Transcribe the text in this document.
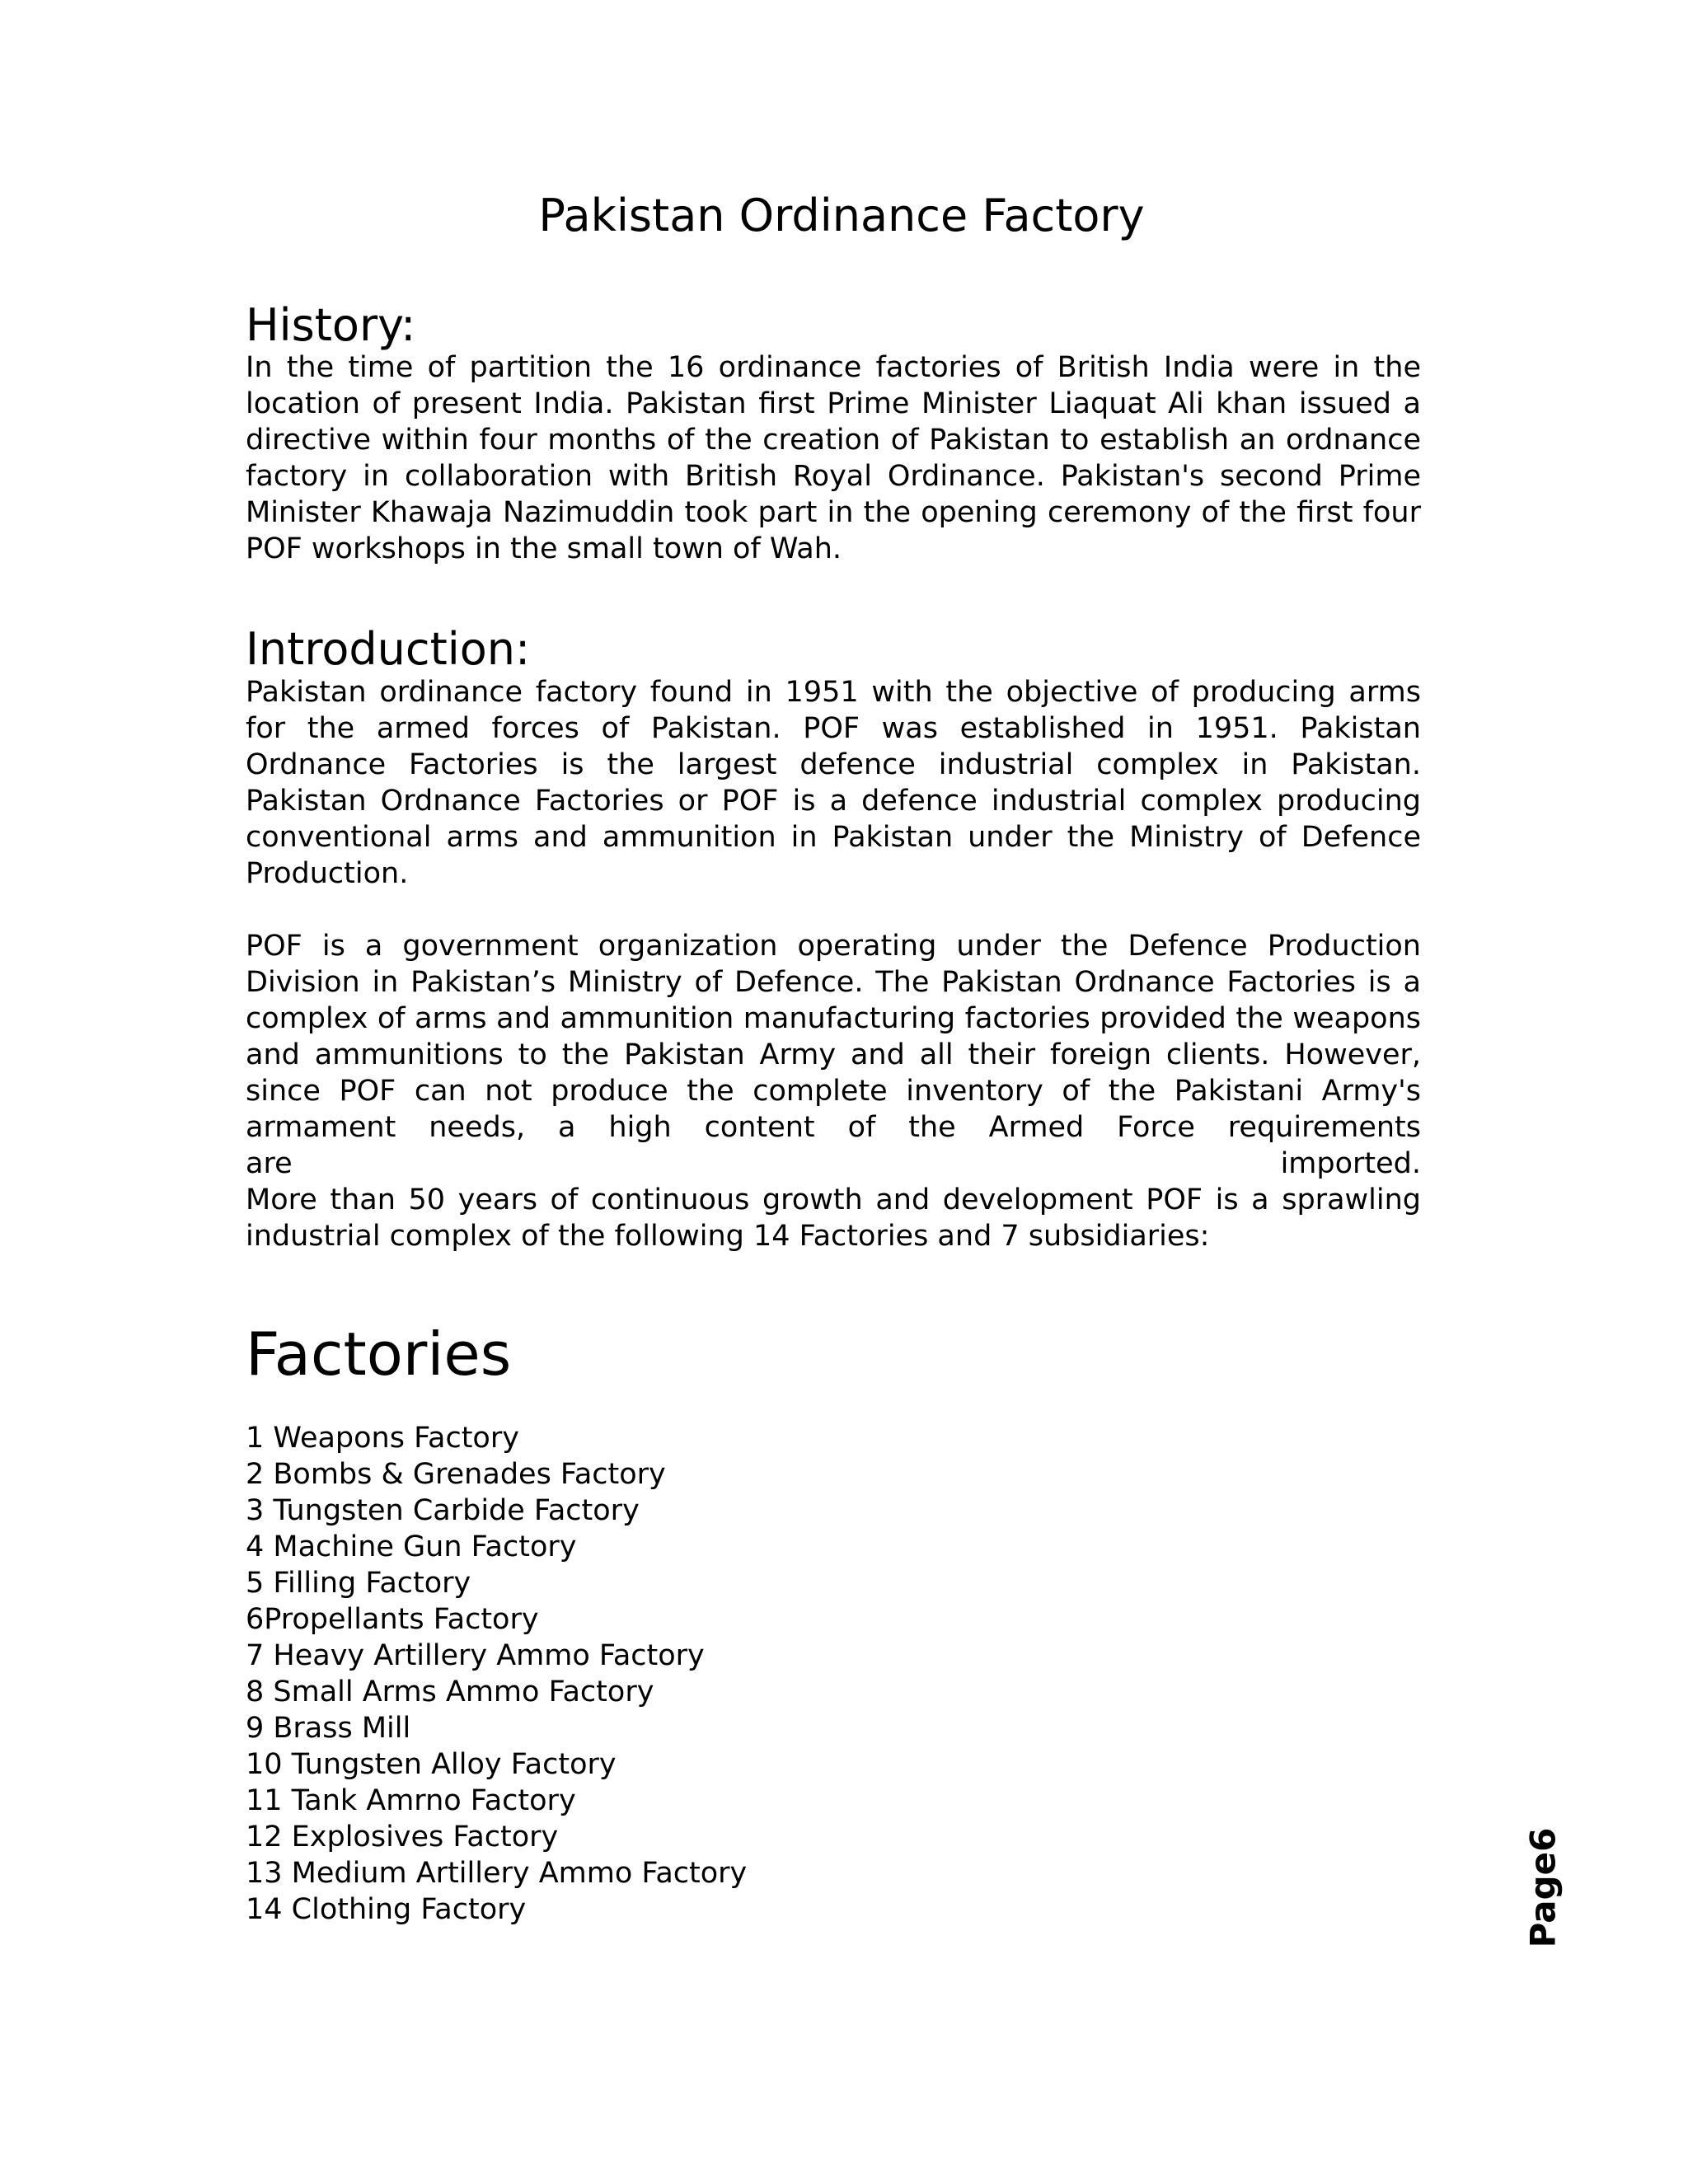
Pakistan Ordinance Factory
History:

In the time of partition the 16 ordinance factories of British India were in the location of present India. Pakistan first Prime Minister Liaquat Ali khan issued a directive within four months of the creation of Pakistan to establish an ordnance factory in collaboration with British Royal Ordinance. Pakistan's second Prime Minister Khawaja Nazimuddin took part in the opening ceremony of the first four POF workshops in the small town of Wah.

Introduction:

Pakistan ordinance factory found in 1951 with the objective of producing arms for the armed forces of Pakistan. POF was established in 1951. Pakistan Ordnance Factories is the largest defence industrial complex in Pakistan. Pakistan Ordnance Factories or POF is a defence industrial complex producing conventional arms and ammunition in Pakistan under the Ministry of Defence Production.

POF is a government organization operating under the Defence Production Division in Pakistan’s Ministry of Defence. The Pakistan Ordnance Factories is a complex of arms and ammunition manufacturing factories provided the weapons and ammunitions to the Pakistan Army and all their foreign clients. However, since POF can not produce the complete inventory of the Pakistani Army's armament needs, a high content of the Armed Force requirements

are	imported.

More than 50 years of continuous growth and development POF is a sprawling industrial complex of the following 14 Factories and 7 subsidiaries:

Factories
1 Weapons Factory
2 Bombs & Grenades Factory
3 Tungsten Carbide Factory
4 Machine Gun Factory
5 Filling Factory
6Propellants Factory
7 Heavy Artillery Ammo Factory
8 Small Arms Ammo Factory
9 Brass Mill
10 Tungsten Alloy Factory
11 Tank Amrno Factory
12 Explosives Factory
13 Medium Artillery Ammo Factory
14 Clothing Factory	Page6
